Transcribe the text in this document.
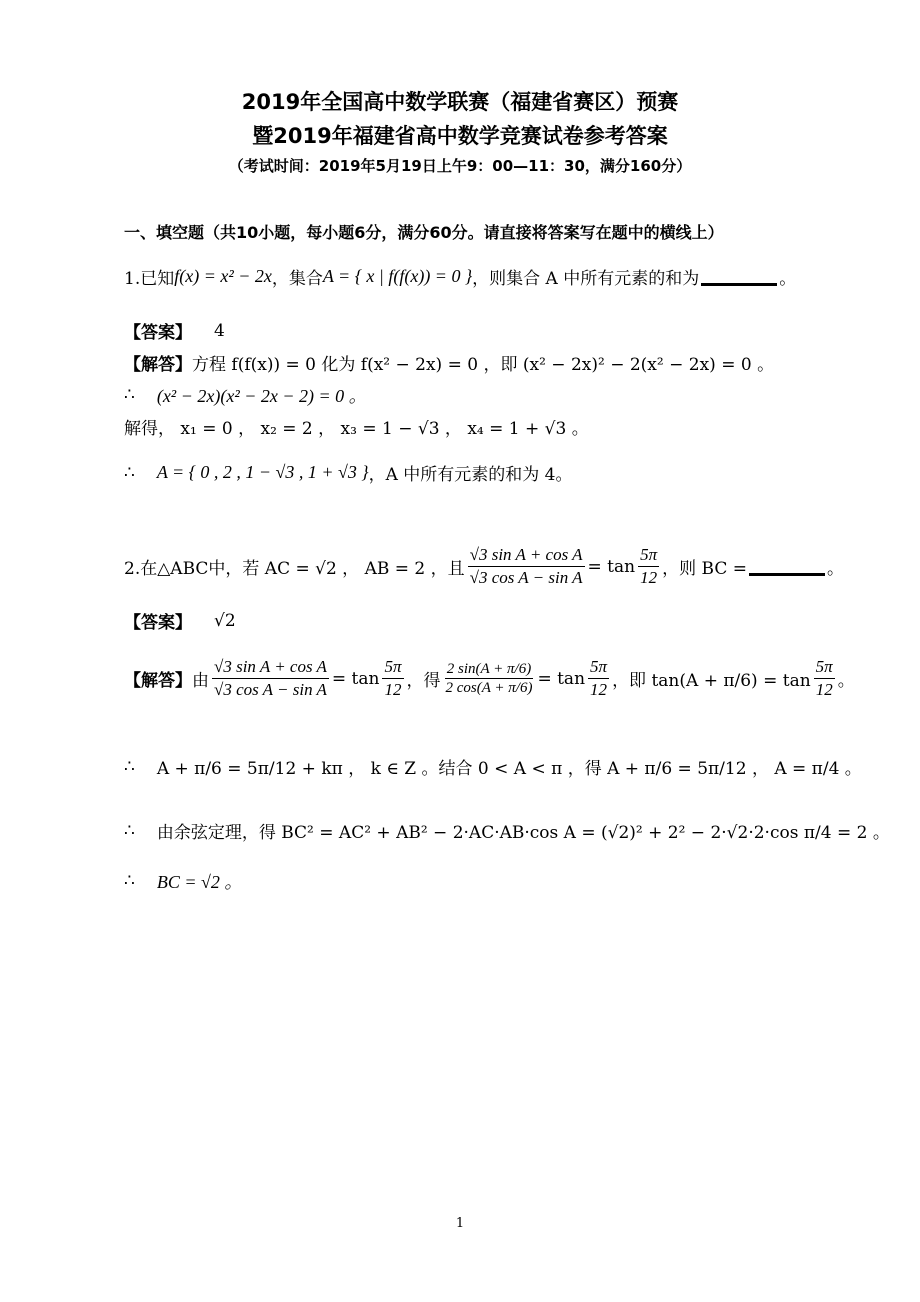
2019年全国高中数学联赛（福建省赛区）预赛
暨2019年福建省高中数学竞赛试卷参考答案
（考试时间：2019年5月19日上午9：00—11：30，满分160分）
一、填空题（共10小题，每小题6分，满分60分。请直接将答案写在题中的横线上）
1.已知 f(x) = x² − 2x ，集合 A = { x | f(f(x)) = 0 } ，则集合 A 中所有元素的和为	。
【答案】 4
【解答】 方程 f(f(x)) = 0 化为 f(x² − 2x) = 0 ，即 (x² − 2x)² − 2(x² − 2x) = 0 。
∴ (x² − 2x)(x² − 2x − 2) = 0 。
解得， x₁ = 0 ， x₂ = 2 ， x₃ = 1 − √3 ， x₄ = 1 + √3 。
∴ A = { 0 , 2 , 1 − √3 , 1 + √3 } ，A 中所有元素的和为 4。
2.在△ABC中，若 AC = √2 ， AB = 2 ，且 $\frac{\text{√3 sin A + cos A}}{\text{√3 cos A − sin A}} = \tan \frac{5\pi}{12}$ ，则 BC =	。
【答案】 √2
【解答】 由 $\frac{\text{√3 sin A + cos A}}{\text{√3 cos A − sin A}} = \tan \frac{5\pi}{12}$ ，得 $\frac{2 \sin(A + \pi/6)}{2 \cos(A + \pi/6)} = \tan \frac{5\pi}{12}$ ，即 $\tan(A + \pi/6) = \tan \frac{5\pi}{12}$ 。
∴ A + π/6 = 5π/12 + kπ ， k ∈ Z 。结合 0 < A < π ，得 A + π/6 = 5π/12 ， A = π/4 。
∴ 由余弦定理，得 BC² = AC² + AB² − 2·AC·AB·cos A = (√2)² + 2² − 2·√2·2·cos π/4 = 2 。
∴ BC = √2 。
1
